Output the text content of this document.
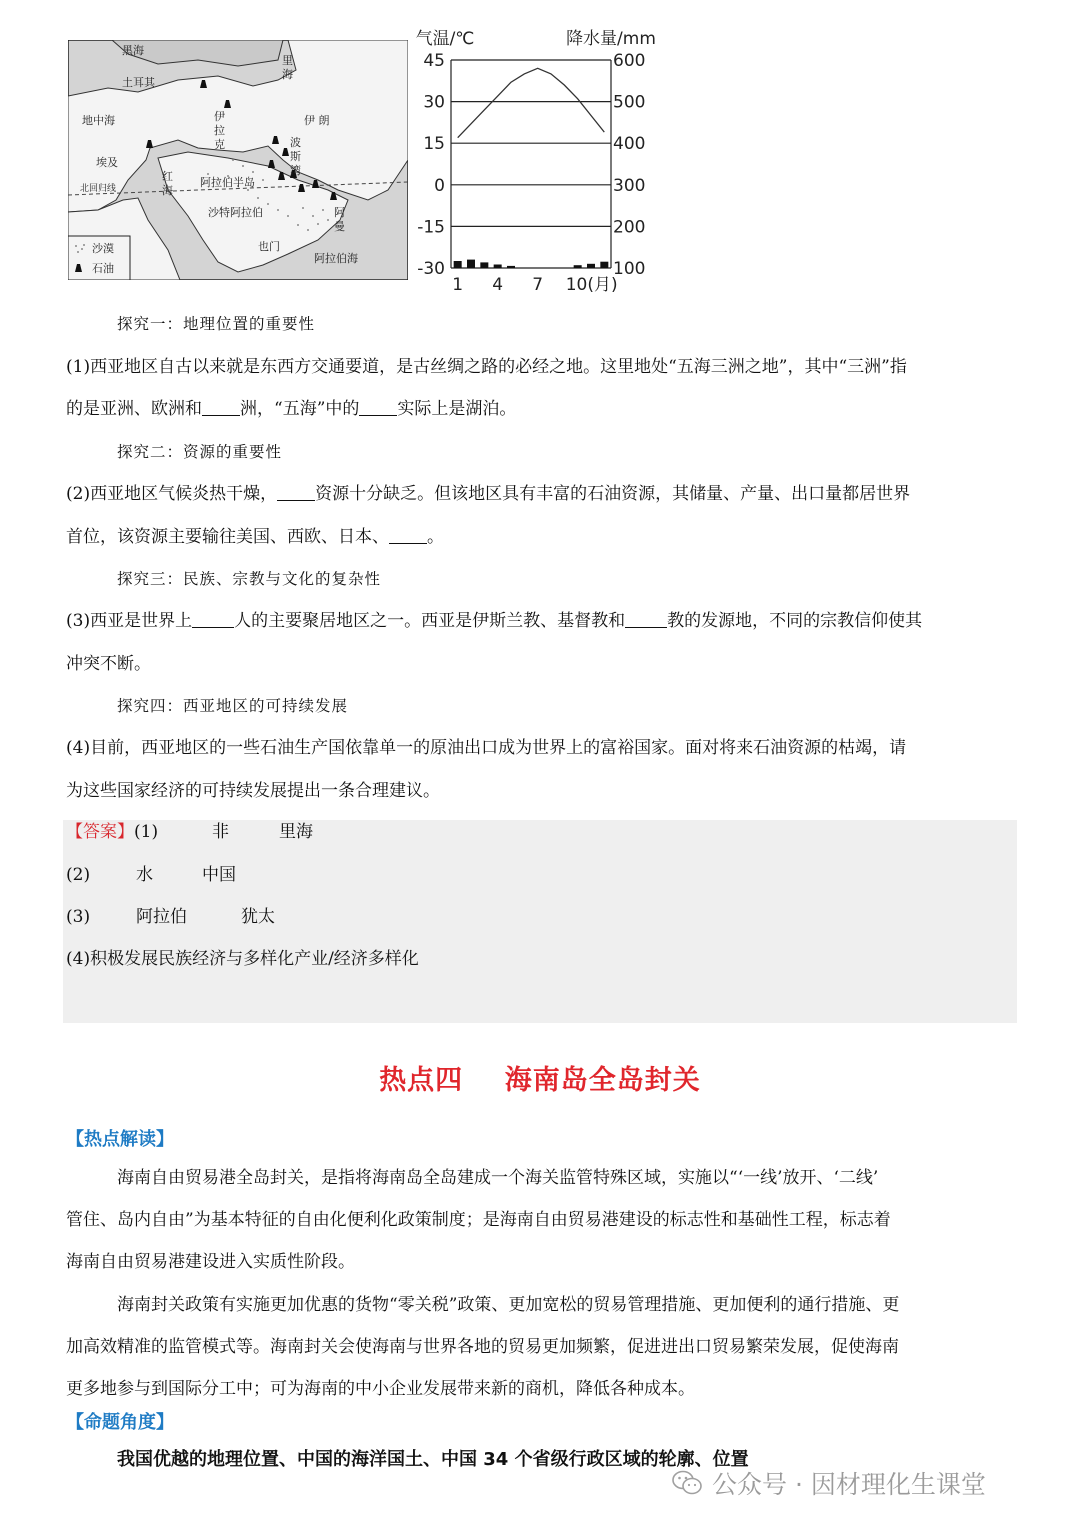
黑海
里海
土耳其
地中海	伊拉克
伊 朗
埃及
北回归线
红海
阿拉伯半岛
波斯湾
沙特阿拉伯	阿曼
也门
阿拉伯海
沙漠
石油
气温/℃	降水量/mm
45	600
30	500
15	400
0	300
-15	200
-30	100
1 4 7 10(月)
探究一：地理位置的重要性
(1)西亚地区自古以来就是东西方交通要道，是古丝绸之路的必经之地。这里地处“五海三洲之地”，其中“三洲”指
的是亚洲、欧洲和 洲，“五海”中的 实际上是湖泊。
探究二：资源的重要性
(2)西亚地区气候炎热干燥， 资源十分缺乏。但该地区具有丰富的石油资源，其储量、产量、出口量都居世界
首位，该资源主要输往美国、西欧、日本、 。
探究三：民族、宗教与文化的复杂性
(3)西亚是世界上 人的主要聚居地区之一。西亚是伊斯兰教、基督教和 教的发源地，不同的宗教信仰使其
冲突不断。
探究四：西亚地区的可持续发展
(4)目前，西亚地区的一些石油生产国依靠单一的原油出口成为世界上的富裕国家。面对将来石油资源的枯竭，请
为这些国家经济的可持续发展提出一条合理建议。
【答案】(1)	非	里海
(2)	水	中国
(3)	阿拉伯	犹太
(4)积极发展民族经济与多样化产业/经济多样化
热点四    海南岛全岛封关
【热点解读】
海南自由贸易港全岛封关，是指将海南岛全岛建成一个海关监管特殊区域，实施以“‘一线’放开、‘二线’
管住、岛内自由”为基本特征的自由化便利化政策制度；是海南自由贸易港建设的标志性和基础性工程，标志着
海南自由贸易港建设进入实质性阶段。
海南封关政策有实施更加优惠的货物“零关税”政策、更加宽松的贸易管理措施、更加便利的通行措施、更
加高效精准的监管模式等。海南封关会使海南与世界各地的贸易更加频繁，促进进出口贸易繁荣发展，促使海南
更多地参与到国际分工中；可为海南的中小企业发展带来新的商机，降低各种成本。
【命题角度】
我国优越的地理位置、中国的海洋国土、中国 34 个省级行政区域的轮廓、位置
公众号 · 因材理化生课堂
